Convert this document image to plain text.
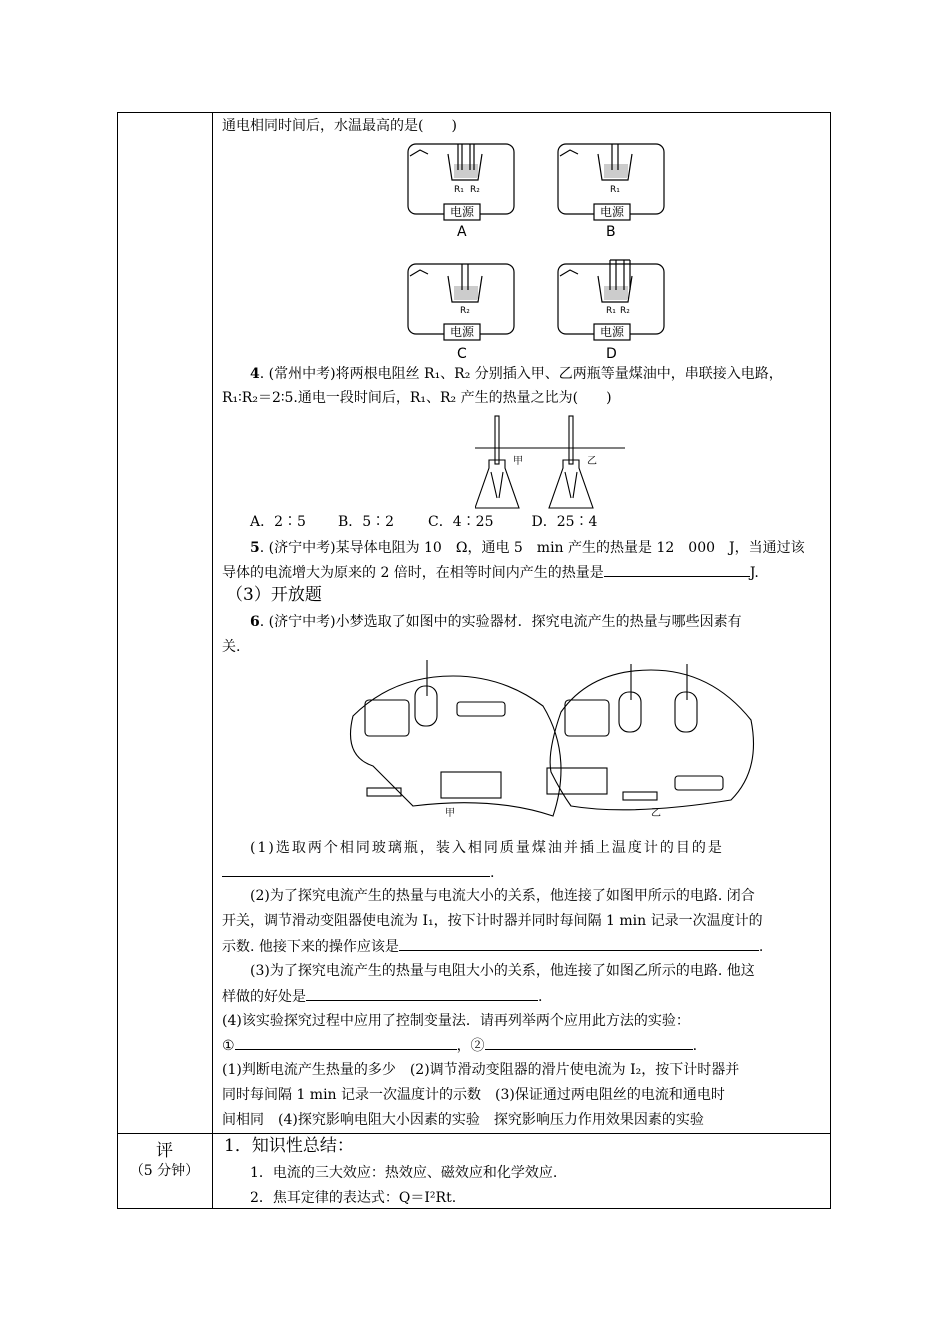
通电相同时间后，水温最高的是(　　)
R₁ R₂	R₁
R₂	R₁ R₂
电源	电源
电源	电源
A	B
C	D
4. (常州中考)将两根电阻丝 R₁、R₂ 分别插入甲、乙两瓶等量煤油中，串联接入电路，
R₁∶R₂＝2∶5.通电一段时间后，R₁、R₂ 产生的热量之比为(　　)
甲	乙
A．2∶5 B．5∶2 C．4∶25	D．25∶4
5. (济宁中考)某导体电阻为 10　Ω，通电 5　min 产生的热量是 12　000　J，当通过该
导体的电流增大为原来的 2 倍时，在相等时间内产生的热量是	J.
（3）开放题
6. (济宁中考)小梦选取了如图中的实验器材．探究电流产生的热量与哪些因素有
关.
甲	乙
(1)选取两个相同玻璃瓶，装入相同质量煤油并插上温度计的目的是
.
(2)为了探究电流产生的热量与电流大小的关系，他连接了如图甲所示的电路. 闭合
开关，调节滑动变阻器使电流为 I₁，按下计时器并同时每间隔 1 min 记录一次温度计的
示数. 他接下来的操作应该是	.
(3)为了探究电流产生的热量与电阻大小的关系，他连接了如图乙所示的电路. 他这
样做的好处是	.
(4)该实验探究过程中应用了控制变量法．请再列举两个应用此方法的实验：
①	，②	.
(1)判断电流产生热量的多少　(2)调节滑动变阻器的滑片使电流为 I₂，按下计时器并
同时每间隔 1 min 记录一次温度计的示数　(3)保证通过两电阻丝的电流和通电时
间相同　(4)探究影响电阻大小因素的实验　探究影响压力作用效果因素的实验
评
（5 分钟）
1．知识性总结：
1．电流的三大效应：热效应、磁效应和化学效应.
2．焦耳定律的表达式：Q＝I²Rt.
